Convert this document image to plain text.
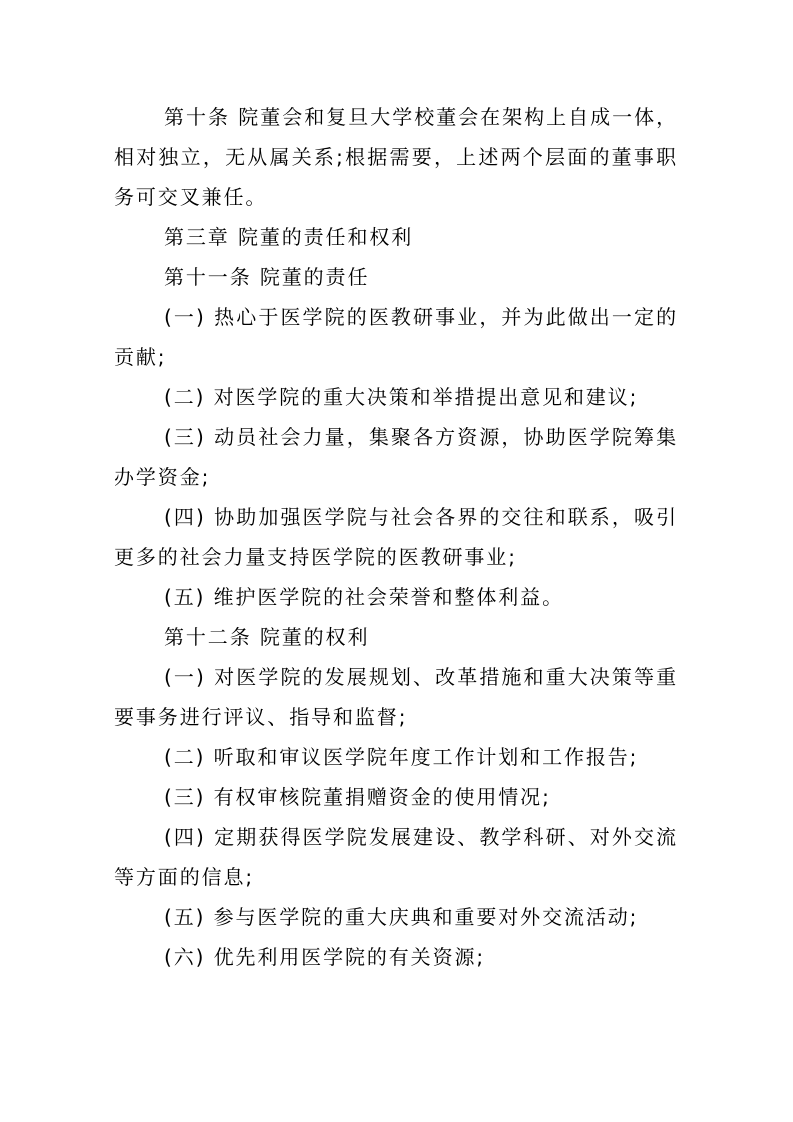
第十条 院董会和复旦大学校董会在架构上自成一体，相对独立，无从属关系;根据需要，上述两个层面的董事职务可交叉兼任。

第三章 院董的责任和权利

第十一条 院董的责任

(一) 热心于医学院的医教研事业，并为此做出一定的贡献;

(二) 对医学院的重大决策和举措提出意见和建议;

(三) 动员社会力量，集聚各方资源，协助医学院筹集办学资金;

(四) 协助加强医学院与社会各界的交往和联系，吸引更多的社会力量支持医学院的医教研事业;

(五) 维护医学院的社会荣誉和整体利益。

第十二条 院董的权利

(一) 对医学院的发展规划、改革措施和重大决策等重要事务进行评议、指导和监督;

(二) 听取和审议医学院年度工作计划和工作报告;

(三) 有权审核院董捐赠资金的使用情况;

(四) 定期获得医学院发展建设、教学科研、对外交流等方面的信息;

(五) 参与医学院的重大庆典和重要对外交流活动;

(六) 优先利用医学院的有关资源;
